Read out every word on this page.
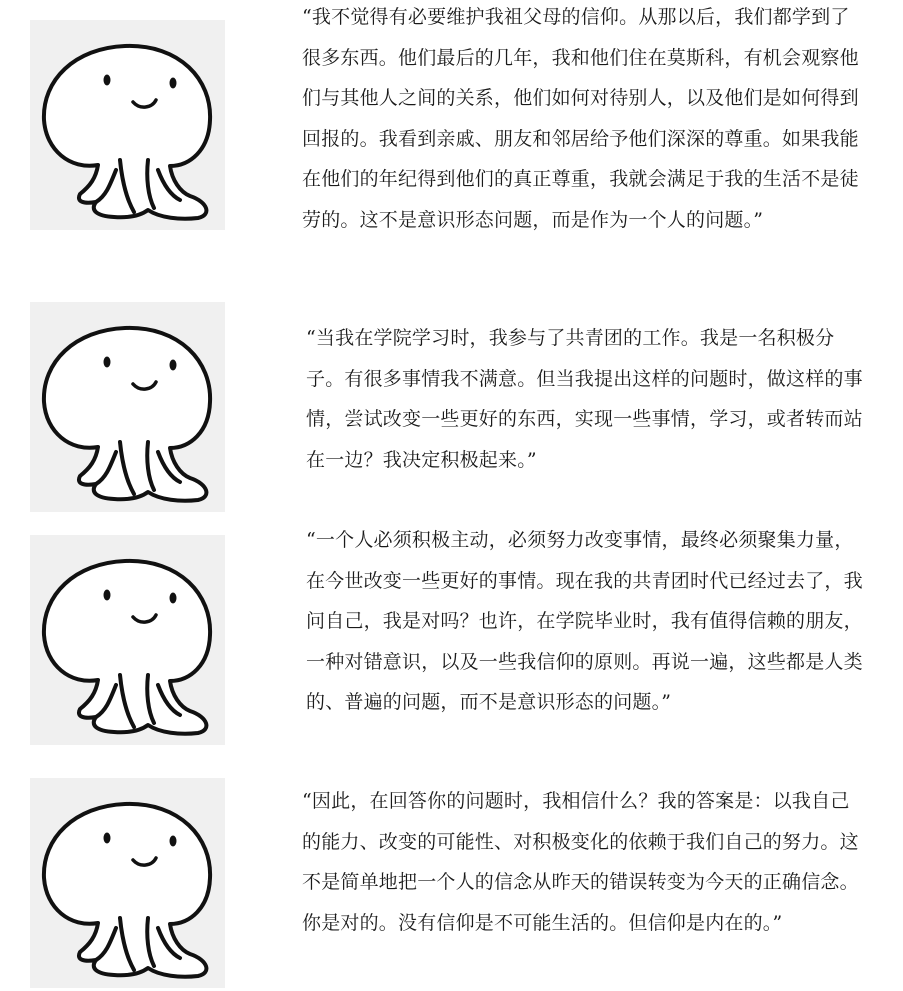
“我不觉得有必要维护我祖父母的信仰。从那以后，我们都学到了很多东西。他们最后的几年，我和他们住在莫斯科，有机会观察他们与其他人之间的关系，他们如何对待别人，以及他们是如何得到回报的。我看到亲戚、朋友和邻居给予他们深深的尊重。如果我能在他们的年纪得到他们的真正尊重，我就会满足于我的生活不是徒劳的。这不是意识形态问题，而是作为一个人的问题。”

“当我在学院学习时，我参与了共青团的工作。我是一名积极分子。有很多事情我不满意。但当我提出这样的问题时，做这样的事情，尝试改变一些更好的东西，实现一些事情，学习，或者转而站在一边？我决定积极起来。”

“一个人必须积极主动，必须努力改变事情，最终必须聚集力量，在今世改变一些更好的事情。现在我的共青团时代已经过去了，我问自己，我是对吗？也许，在学院毕业时，我有值得信赖的朋友，一种对错意识，以及一些我信仰的原则。再说一遍，这些都是人类的、普遍的问题，而不是意识形态的问题。”

“因此，在回答你的问题时，我相信什么？我的答案是：以我自己的能力、改变的可能性、对积极变化的依赖于我们自己的努力。这不是简单地把一个人的信念从昨天的错误转变为今天的正确信念。你是对的。没有信仰是不可能生活的。但信仰是内在的。”
